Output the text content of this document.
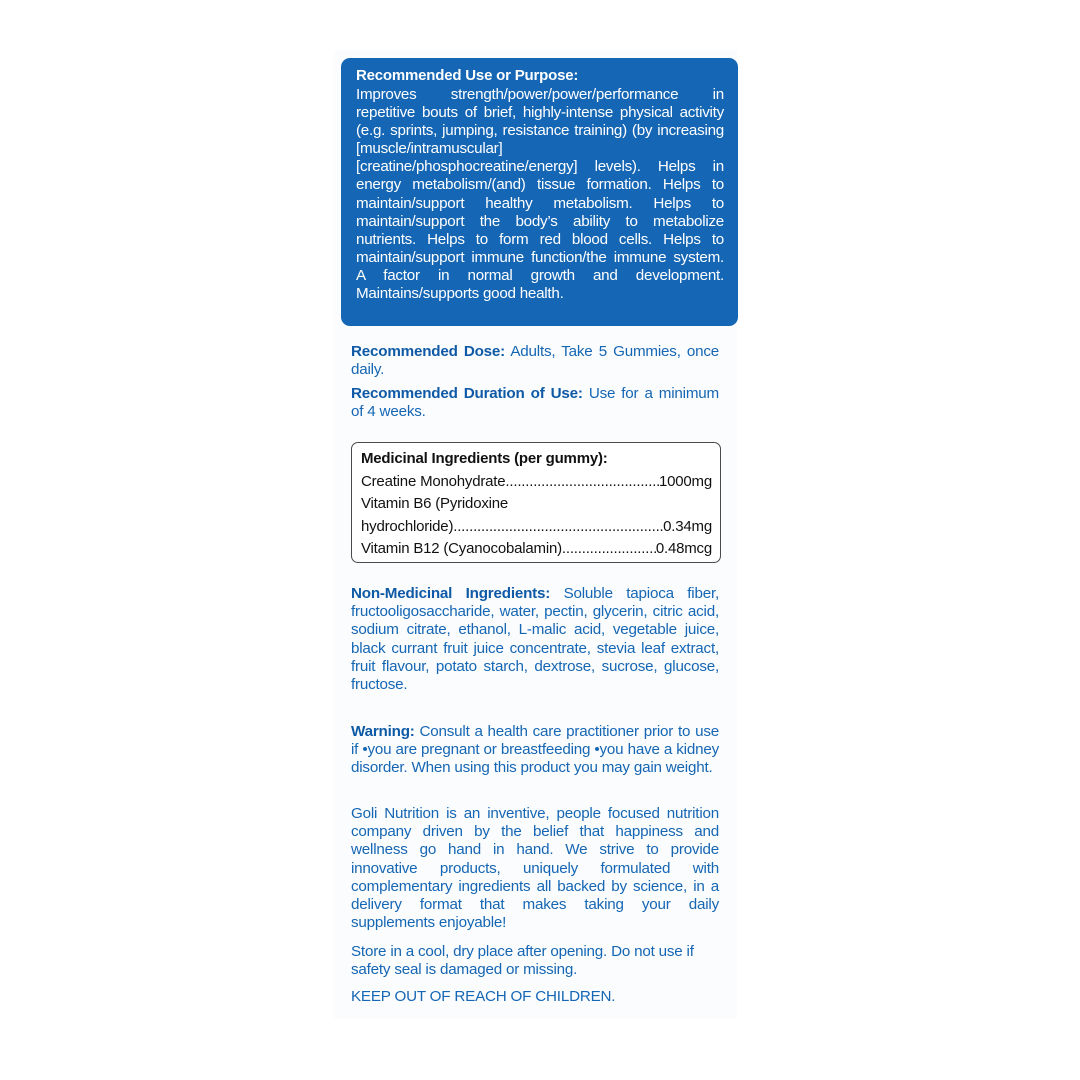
Recommended Use or Purpose:
Improves strength/power/power/performance in repetitive bouts of brief, highly-intense physical activity (e.g. sprints, jumping, resistance training) (by increasing [muscle/intramuscular] [creatine/phosphocreatine/energy] levels). Helps in energy metabolism/(and) tissue formation. Helps to maintain/support healthy metabolism. Helps to maintain/support the body’s ability to metabolize nutrients. Helps to form red blood cells. Helps to maintain/support immune function/the immune system. A factor in normal growth and development. Maintains/supports good health.
Recommended Dose: Adults, Take 5 Gummies, once daily.
Recommended Duration of Use: Use for a minimum of 4 weeks.
Medicinal Ingredients (per gummy):
Creatine Monohydrate .....	1000mg
Vitamin B6 (Pyridoxine
hydrochloride) .....	0.34mg
Vitamin B12 (Cyanocobalamin) .....	0.48mcg
Non-Medicinal Ingredients: Soluble tapioca fiber, fructooligosaccharide, water, pectin, glycerin, citric acid, sodium citrate, ethanol, L-malic acid, vegetable juice, black currant fruit juice concentrate, stevia leaf extract, fruit flavour, potato starch, dextrose, sucrose, glucose, fructose.
Warning: Consult a health care practitioner prior to use if •you are pregnant or breastfeeding •you have a kidney disorder. When using this product you may gain weight.
Goli Nutrition is an inventive, people focused nutrition company driven by the belief that happiness and wellness go hand in hand. We strive to provide innovative products, uniquely formulated with complementary ingredients all backed by science, in a delivery format that makes taking your daily supplements enjoyable!
Store in a cool, dry place after opening. Do not use if safety seal is damaged or missing.
KEEP OUT OF REACH OF CHILDREN.
